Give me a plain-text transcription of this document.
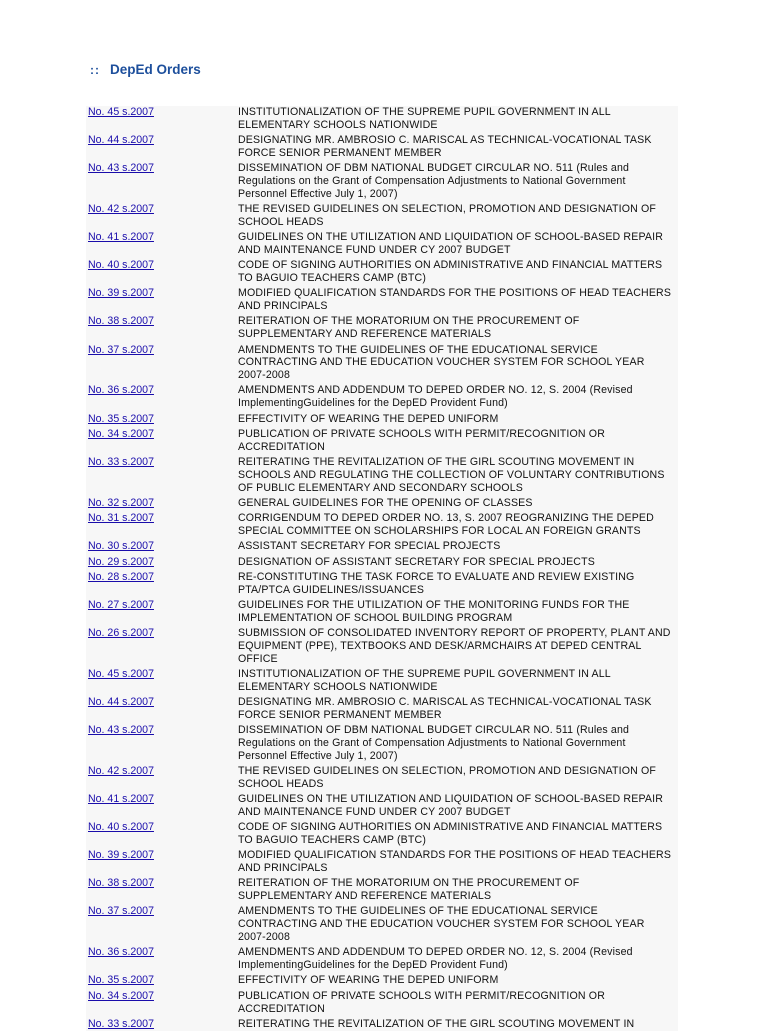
:: DepEd Orders
No. 45 s.2007	INSTITUTIONALIZATION OF THE SUPREME PUPIL GOVERNMENT IN ALL ELEMENTARY SCHOOLS NATIONWIDE
No. 44 s.2007	DESIGNATING MR. AMBROSIO C. MARISCAL AS TECHNICAL-VOCATIONAL TASK FORCE SENIOR PERMANENT MEMBER
No. 43 s.2007	DISSEMINATION OF DBM NATIONAL BUDGET CIRCULAR NO. 511 (Rules and Regulations on the Grant of Compensation Adjustments to National Government Personnel Effective July 1, 2007)
No. 42 s.2007	THE REVISED GUIDELINES ON SELECTION, PROMOTION AND DESIGNATION OF SCHOOL HEADS
No. 41 s.2007	GUIDELINES ON THE UTILIZATION AND LIQUIDATION OF SCHOOL-BASED REPAIR AND MAINTENANCE FUND UNDER CY 2007 BUDGET
No. 40 s.2007	CODE OF SIGNING AUTHORITIES ON ADMINISTRATIVE AND FINANCIAL MATTERS TO BAGUIO TEACHERS CAMP (BTC)
No. 39 s.2007	MODIFIED QUALIFICATION STANDARDS FOR THE POSITIONS OF HEAD TEACHERS AND PRINCIPALS
No. 38 s.2007	REITERATION OF THE MORATORIUM ON THE PROCUREMENT OF SUPPLEMENTARY AND REFERENCE MATERIALS
No. 37 s.2007	AMENDMENTS TO THE GUIDELINES OF THE EDUCATIONAL SERVICE CONTRACTING AND THE EDUCATION VOUCHER SYSTEM FOR SCHOOL YEAR 2007-2008
No. 36 s.2007	AMENDMENTS AND ADDENDUM TO DEPED ORDER NO. 12, S. 2004 (Revised ImplementingGuidelines for the DepED Provident Fund)
No. 35 s.2007	EFFECTIVITY OF WEARING THE DEPED UNIFORM
No. 34 s.2007	PUBLICATION OF PRIVATE SCHOOLS WITH PERMIT/RECOGNITION OR ACCREDITATION
No. 33 s.2007	REITERATING THE REVITALIZATION OF THE GIRL SCOUTING MOVEMENT IN SCHOOLS AND REGULATING THE COLLECTION OF VOLUNTARY CONTRIBUTIONS OF PUBLIC ELEMENTARY AND SECONDARY SCHOOLS
No. 32 s.2007	GENERAL GUIDELINES FOR THE OPENING OF CLASSES
No. 31 s.2007	CORRIGENDUM TO DEPED ORDER NO. 13, S. 2007 REOGRANIZING THE DEPED SPECIAL COMMITTEE ON SCHOLARSHIPS FOR LOCAL AN FOREIGN GRANTS
No. 30 s.2007	ASSISTANT SECRETARY FOR SPECIAL PROJECTS
No. 29 s.2007	DESIGNATION OF ASSISTANT SECRETARY FOR SPECIAL PROJECTS
No. 28 s.2007	RE-CONSTITUTING THE TASK FORCE TO EVALUATE AND REVIEW EXISTING PTA/PTCA GUIDELINES/ISSUANCES
No. 27 s.2007	GUIDELINES FOR THE UTILIZATION OF THE MONITORING FUNDS FOR THE IMPLEMENTATION OF SCHOOL BUILDING PROGRAM
No. 26 s.2007	SUBMISSION OF CONSOLIDATED INVENTORY REPORT OF PROPERTY, PLANT AND EQUIPMENT (PPE), TEXTBOOKS AND DESK/ARMCHAIRS AT DEPED CENTRAL OFFICE
No. 45 s.2007	INSTITUTIONALIZATION OF THE SUPREME PUPIL GOVERNMENT IN ALL ELEMENTARY SCHOOLS NATIONWIDE
No. 44 s.2007	DESIGNATING MR. AMBROSIO C. MARISCAL AS TECHNICAL-VOCATIONAL TASK FORCE SENIOR PERMANENT MEMBER
No. 43 s.2007	DISSEMINATION OF DBM NATIONAL BUDGET CIRCULAR NO. 511 (Rules and Regulations on the Grant of Compensation Adjustments to National Government Personnel Effective July 1, 2007)
No. 42 s.2007	THE REVISED GUIDELINES ON SELECTION, PROMOTION AND DESIGNATION OF SCHOOL HEADS
No. 41 s.2007	GUIDELINES ON THE UTILIZATION AND LIQUIDATION OF SCHOOL-BASED REPAIR AND MAINTENANCE FUND UNDER CY 2007 BUDGET
No. 40 s.2007	CODE OF SIGNING AUTHORITIES ON ADMINISTRATIVE AND FINANCIAL MATTERS TO BAGUIO TEACHERS CAMP (BTC)
No. 39 s.2007	MODIFIED QUALIFICATION STANDARDS FOR THE POSITIONS OF HEAD TEACHERS AND PRINCIPALS
No. 38 s.2007	REITERATION OF THE MORATORIUM ON THE PROCUREMENT OF SUPPLEMENTARY AND REFERENCE MATERIALS
No. 37 s.2007	AMENDMENTS TO THE GUIDELINES OF THE EDUCATIONAL SERVICE CONTRACTING AND THE EDUCATION VOUCHER SYSTEM FOR SCHOOL YEAR 2007-2008
No. 36 s.2007	AMENDMENTS AND ADDENDUM TO DEPED ORDER NO. 12, S. 2004 (Revised ImplementingGuidelines for the DepED Provident Fund)
No. 35 s.2007	EFFECTIVITY OF WEARING THE DEPED UNIFORM
No. 34 s.2007	PUBLICATION OF PRIVATE SCHOOLS WITH PERMIT/RECOGNITION OR ACCREDITATION
No. 33 s.2007	REITERATING THE REVITALIZATION OF THE GIRL SCOUTING MOVEMENT IN
